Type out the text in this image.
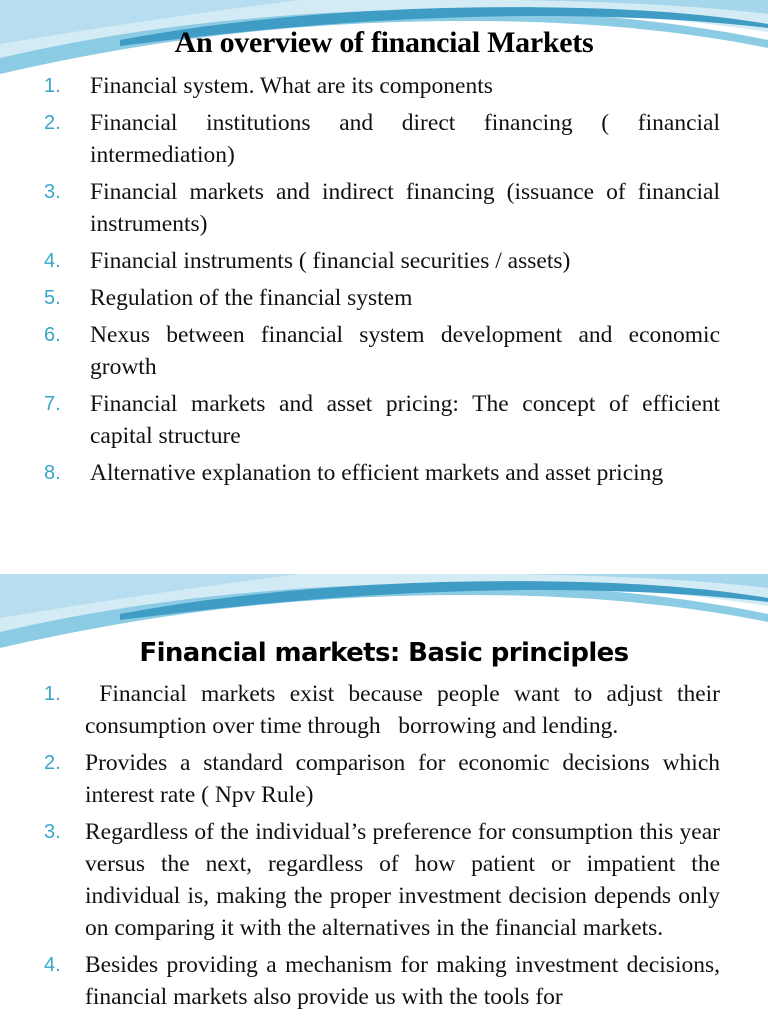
An overview of financial Markets
1 . Financial system. What are its components
2 . Financial institutions and direct financing ( financial intermediation)
3 . Financial markets and indirect financing (issuance of financial instruments)
4 . Financial instruments ( financial securities / assets)
5 . Regulation of the financial system
6 . Nexus between financial system development and economic growth
7 . Financial markets and asset pricing: The concept of efficient capital structure
8 . Alternative explanation to efficient markets and asset pricing
Financial markets: Basic principles
1 . Financial markets exist because people want to adjust their consumption over time through   borrowing and lending.
2 . Provides a standard comparison for economic decisions which interest rate ( Npv Rule)
3 . Regardless of the individual’s preference for consumption this year versus the next, regardless of how patient or impatient the individual is, making the proper investment decision depends only on comparing it with the alternatives in the financial markets.
4 . Besides providing a mechanism for making investment decisions, financial markets also provide us with the tools for
